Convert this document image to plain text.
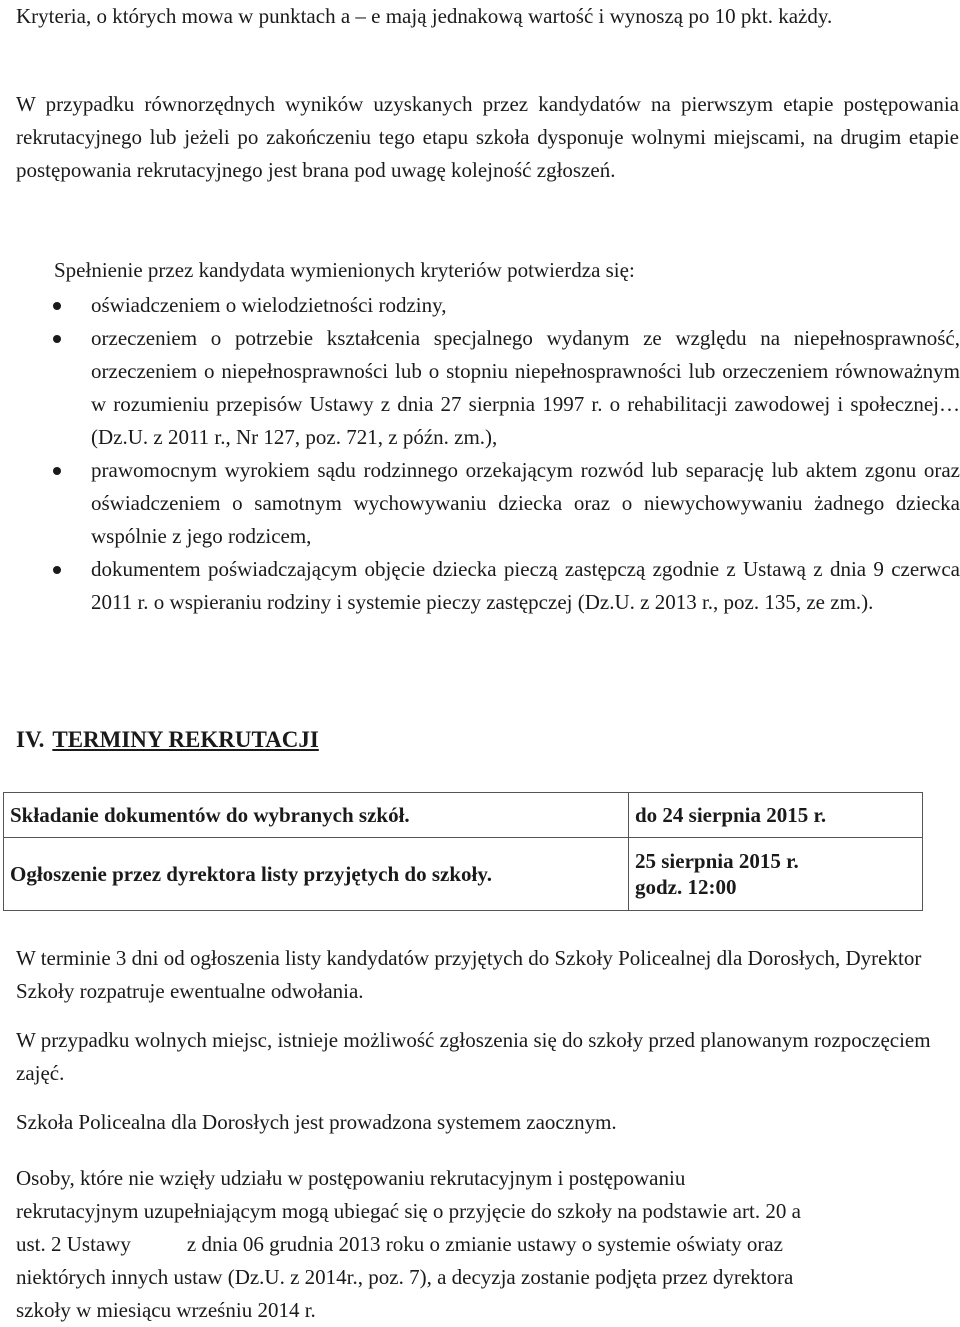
Kryteria, o których mowa w punktach a – e mają jednakową wartość i wynoszą po 10 pkt. każdy.

W przypadku równorzędnych wyników uzyskanych przez kandydatów na pierwszym etapie postępowania rekrutacyjnego lub jeżeli po zakończeniu tego etapu szkoła dysponuje wolnymi miejscami, na drugim etapie postępowania rekrutacyjnego jest brana pod uwagę kolejność zgłoszeń.

Spełnienie przez kandydata wymienionych kryteriów potwierdza się:

oświadczeniem o wielodzietności rodziny,
orzeczeniem o potrzebie kształcenia specjalnego wydanym ze względu na niepełnosprawność, orzeczeniem o niepełnosprawności lub o stopniu niepełnosprawności lub orzeczeniem równoważnym w rozumieniu przepisów Ustawy z dnia 27 sierpnia 1997 r. o rehabilitacji zawodowej i społecznej…(Dz.U. z 2011 r., Nr 127, poz. 721, z późn. zm.),
prawomocnym wyrokiem sądu rodzinnego orzekającym rozwód lub separację lub aktem zgonu oraz oświadczeniem o samotnym wychowywaniu dziecka oraz o niewychowywaniu żadnego dziecka wspólnie z jego rodzicem,
dokumentem poświadczającym objęcie dziecka pieczą zastępczą zgodnie z Ustawą z dnia 9 czerwca 2011 r. o wspieraniu rodziny i systemie pieczy zastępczej (Dz.U. z 2013 r., poz. 135, ze zm.).
IV. TERMINY REKRUTACJI
Składanie dokumentów do wybranych szkół.	do 24 sierpnia 2015 r.

Ogłoszenie przez dyrektora listy przyjętych do szkoły.	25 sierpnia 2015 r.
godz. 12:00

W terminie 3 dni od ogłoszenia listy kandydatów przyjętych do Szkoły Policealnej dla Dorosłych, Dyrektor Szkoły rozpatruje ewentualne odwołania.

W przypadku wolnych miejsc, istnieje możliwość zgłoszenia się do szkoły przed planowanym rozpoczęciem zajęć.

Szkoła Policealna dla Dorosłych jest prowadzona systemem zaocznym.

Osoby, które nie wzięły udziału w postępowaniu rekrutacyjnym i postępowaniu
rekrutacyjnym uzupełniającym mogą ubiegać się o przyjęcie do szkoły na podstawie art. 20 a
ust. 2 Ustawy	z dnia 06 grudnia 2013 roku o zmianie ustawy o systemie oświaty oraz
niektórych innych ustaw (Dz.U. z 2014r., poz. 7), a decyzja zostanie podjęta przez dyrektora
szkoły w miesiącu wrześniu 2014 r.
